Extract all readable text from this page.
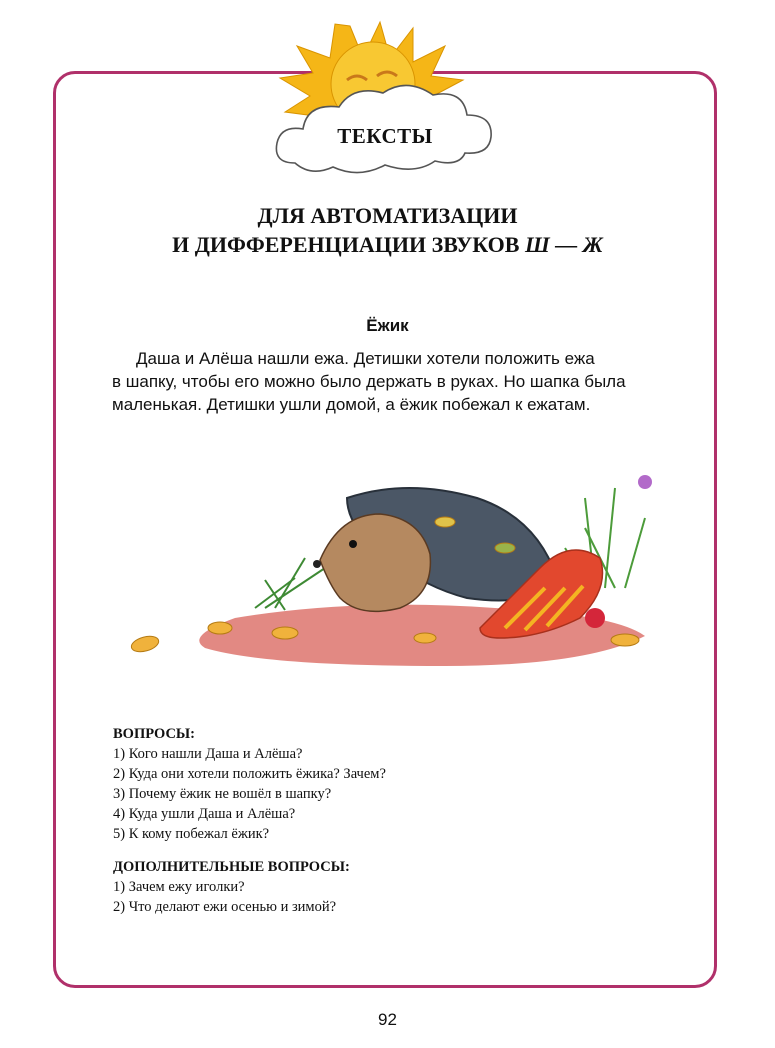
ТЕКСТЫ
ДЛЯ АВТОМАТИЗАЦИИ
И ДИФФЕРЕНЦИАЦИИ ЗВУКОВ Ш — Ж
Ёжик

Даша и Алёша нашли ежа. Детишки хотели положить ежа
в шапку, чтобы его можно было держать в руках. Но шапка была
маленькая. Детишки ушли домой, а ёжик побежал к ежатам.

ВОПРОСЫ:
1) Кого нашли Даша и Алёша?
2) Куда они хотели положить ёжика? Зачем?
3) Почему ёжик не вошёл в шапку?
4) Куда ушли Даша и Алёша?
5) К кому побежал ёжик?
ДОПОЛНИТЕЛЬНЫЕ ВОПРОСЫ:
1) Зачем ежу иголки?
2) Что делают ежи осенью и зимой?
92
